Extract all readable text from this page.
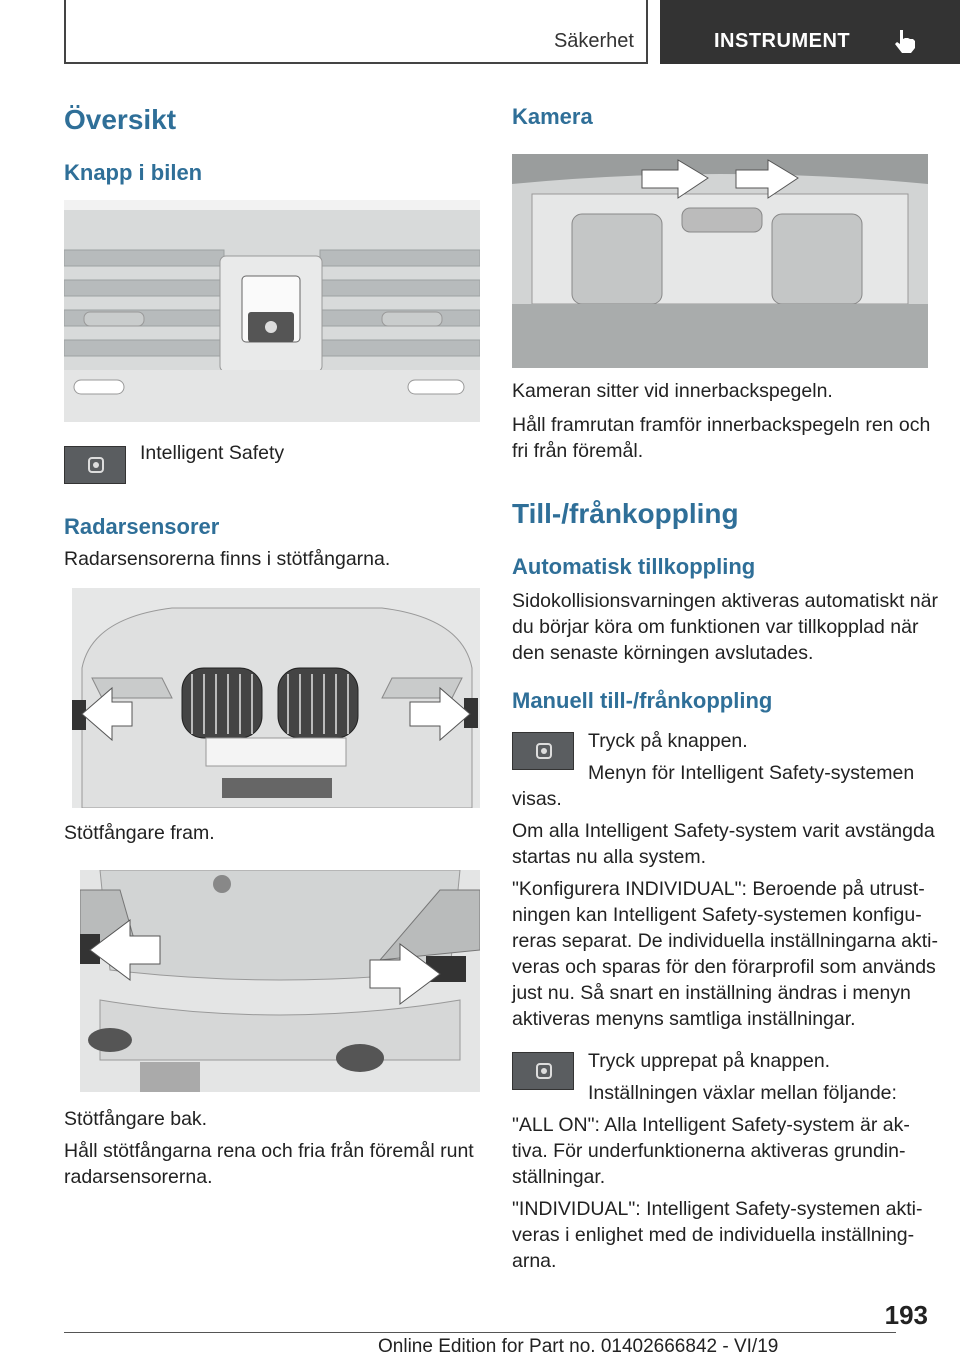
Säkerhet	INSTRUMENT
Översikt
Knapp i bilen

Intelligent Safety

Radarsensorer

Radarsensorerna finns i stötfångarna.

Stötfångare fram.

Stötfångare bak.

Håll stötfångarna rena och fria från föremål runt

radarsensorerna.

Kamera

Kameran sitter vid innerbackspegeln.

Håll framrutan framför innerbackspegeln ren och

fri från föremål.

Till-/frånkoppling
Automatisk tillkoppling

Sidokollisionsvarningen aktiveras automatiskt när

du börjar köra om funktionen var tillkopplad när

den senaste körningen avslutades.

Manuell till-/frånkoppling

Tryck på knappen.

Menyn för Intelligent Safety-systemen

visas.

Om alla Intelligent Safety-system varit avstängda

startas nu alla system.

"Konfigurera INDIVIDUAL": Beroende på utrust-

ningen kan Intelligent Safety-systemen konfigu-

reras separat. De individuella inställningarna akti-

veras och sparas för den förarprofil som används

just nu. Så snart en inställning ändras i menyn

aktiveras menyns samtliga inställningar.

Tryck upprepat på knappen.

Inställningen växlar mellan följande:

"ALL ON": Alla Intelligent Safety-system är ak-

tiva. För underfunktionerna aktiveras grundin-

ställningar.

"INDIVIDUAL": Intelligent Safety-systemen akti-

veras i enlighet med de individuella inställning-

arna.

193
Online Edition for Part no. 01402666842 - VI/19
